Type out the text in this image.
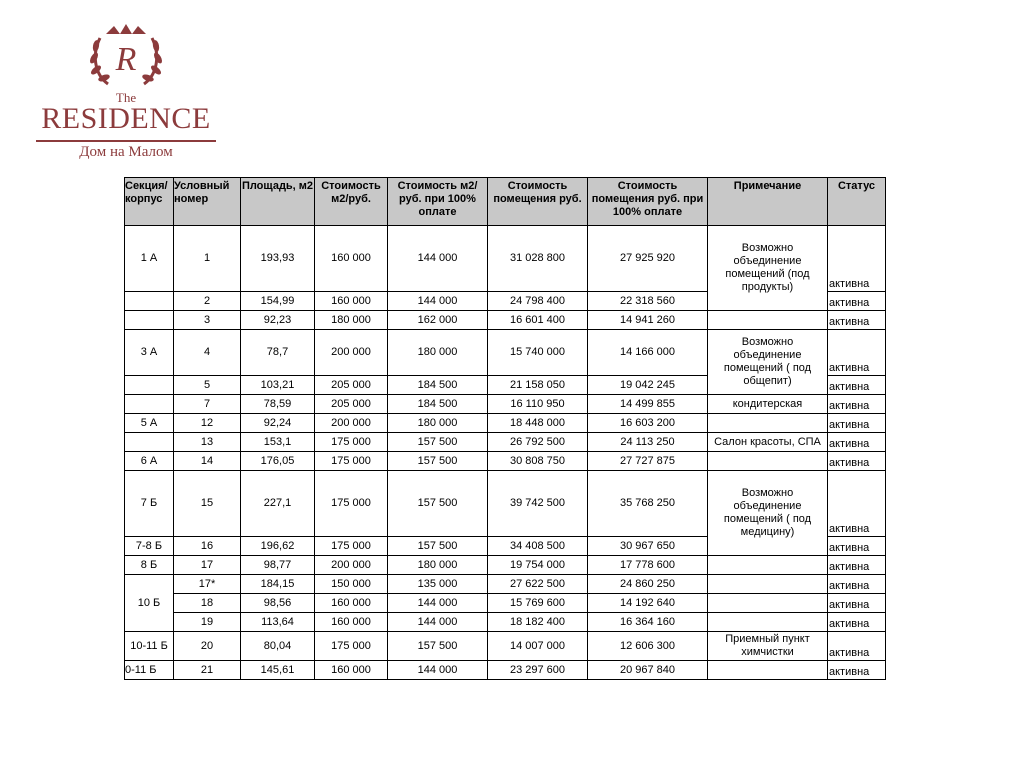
R
The
RESIDENCE
Дом на Малом
Секция/корпус	Условный номер	Площадь, м2	Стоимость м2/руб.	Стоимость м2/руб. при 100% оплате	Стоимость помещения руб.	Стоимость помещения руб. при 100% оплате	Примечание	Статус
1 А	1	193,93	160 000	144 000	31 028 800	27 925 920	Возможно объединение помещений (под продукты)	активна
	2	154,99	160 000	144 000	24 798 400	22 318 560		активна
	3	92,23	180 000	162 000	16 601 400	14 941 260		активна
3 А	4	78,7	200 000	180 000	15 740 000	14 166 000	Возможно объединение помещений ( под общепит)	активна
	5	103,21	205 000	184 500	21 158 050	19 042 245		активна
	7	78,59	205 000	184 500	16 110 950	14 499 855	кондитерская	активна
5 А	12	92,24	200 000	180 000	18 448 000	16 603 200		активна
	13	153,1	175 000	157 500	26 792 500	24 113 250	Салон красоты, СПА	активна
6 А	14	176,05	175 000	157 500	30 808 750	27 727 875		активна
7 Б	15	227,1	175 000	157 500	39 742 500	35 768 250	Возможно объединение помещений ( под медицину)	активна
7-8 Б	16	196,62	175 000	157 500	34 408 500	30 967 650		активна
8 Б	17	98,77	200 000	180 000	19 754 000	17 778 600		активна
10 Б	17*	184,15	150 000	135 000	27 622 500	24 860 250		активна
	18	98,56	160 000	144 000	15 769 600	14 192 640		активна
	19	113,64	160 000	144 000	18 182 400	16 364 160		активна
10-11 Б	20	80,04	175 000	157 500	14 007 000	12 606 300	Приемный пункт химчистки	активна
0-11 Б	21	145,61	160 000	144 000	23 297 600	20 967 840		активна
